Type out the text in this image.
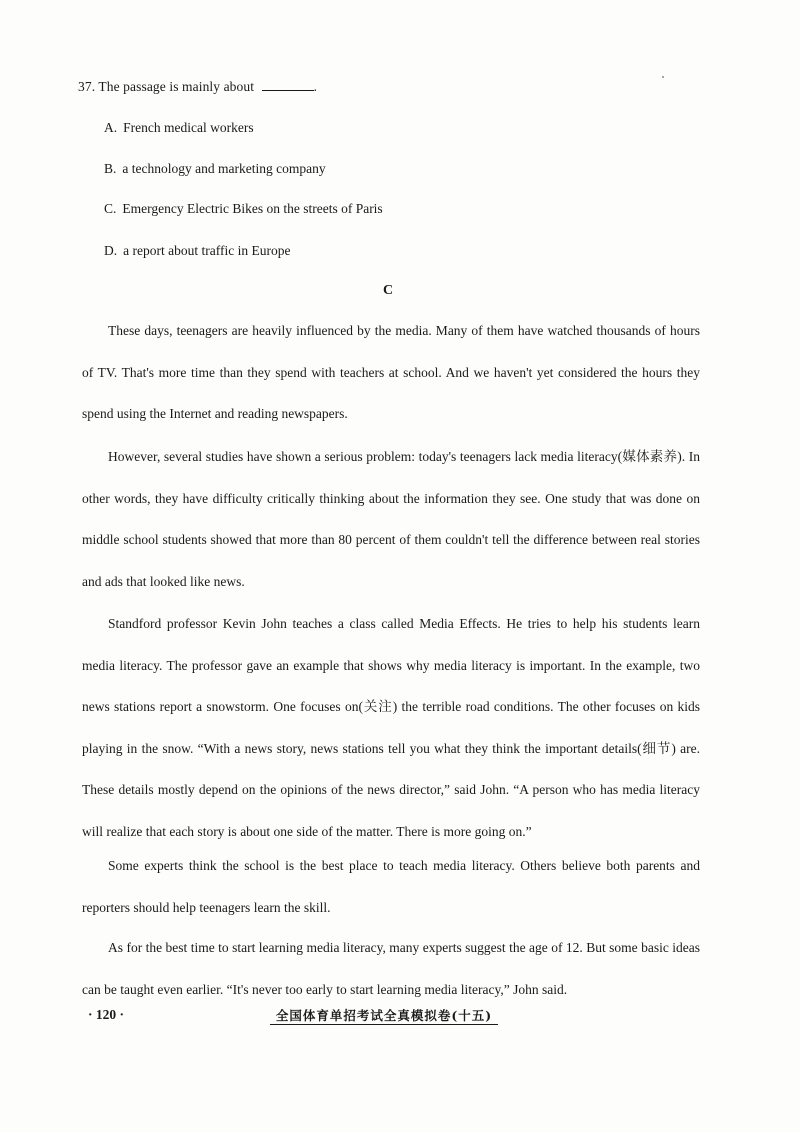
37. The passage is mainly about	.
A. French medical workers
B. a technology and marketing company
C. Emergency Electric Bikes on the streets of Paris
D. a report about traffic in Europe
C

These days, teenagers are heavily influenced by the media. Many of them have watched thousands of hours of TV. That's more time than they spend with teachers at school. And we haven't yet considered the hours they spend using the Internet and reading newspapers.

However, several studies have shown a serious problem: today's teenagers lack media literacy(媒体素养). In other words, they have difficulty critically thinking about the information they see. One study that was done on middle school students showed that more than 80 percent of them couldn't tell the difference between real stories and ads that looked like news.

Standford professor Kevin John teaches a class called Media Effects. He tries to help his students learn media literacy. The professor gave an example that shows why media literacy is important. In the example, two news stations report a snowstorm. One focuses on(关注) the terrible road conditions. The other focuses on kids playing in the snow. “With a news story, news stations tell you what they think the important details(细节) are. These details mostly depend on the opinions of the news director,” said John. “A person who has media literacy will realize that each story is about one side of the matter. There is more going on.”

Some experts think the school is the best place to teach media literacy. Others believe both parents and reporters should help teenagers learn the skill.

As for the best time to start learning media literacy, many experts suggest the age of 12. But some basic ideas can be taught even earlier. “It's never too early to start learning media literacy,” John said.

· 120 ·	全国体育单招考试全真模拟卷(十五)
